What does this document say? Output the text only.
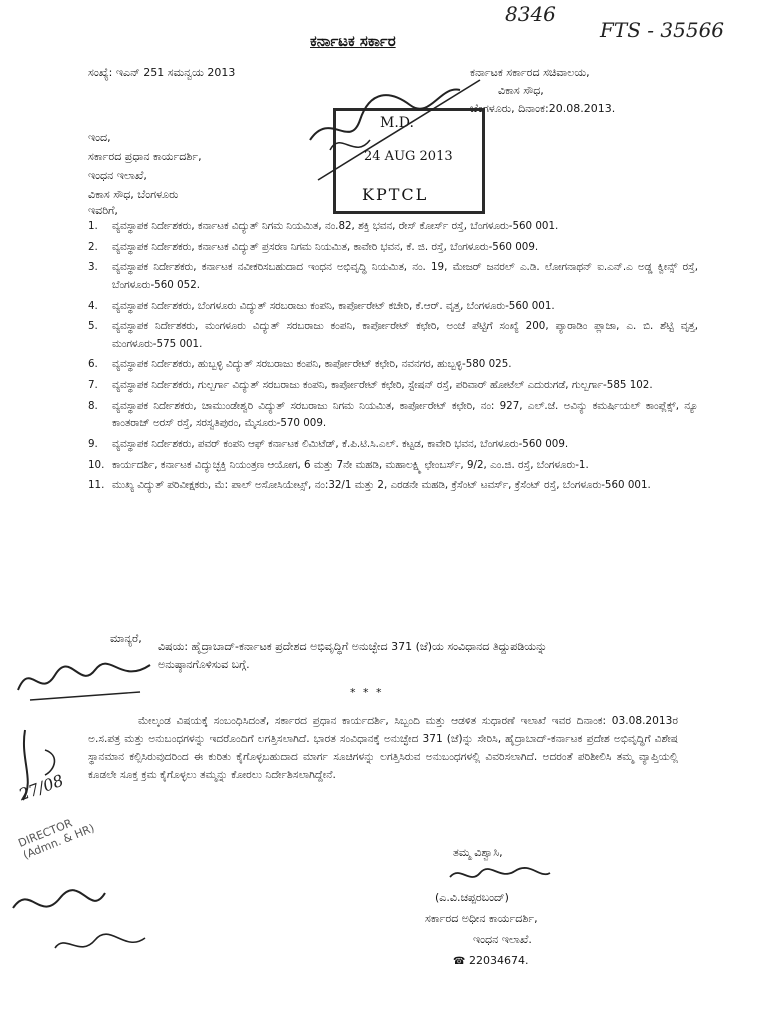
8346
FTS - 35566
ಕರ್ನಾಟಕ ಸರ್ಕಾರ
ಸಂಖ್ಯೆ: ಇಎನ್ 251 ಸಮನ್ವಯ 2013	ಕರ್ನಾಟಕ ಸರ್ಕಾರದ ಸಚಿವಾಲಯ,
ವಿಕಾಸ ಸೌಧ,
ಬೆಂಗಳೂರು, ದಿನಾಂಕ:20.08.2013.
M.D.
24 AUG 2013
KPTCL
ಇಂದ,
ಸರ್ಕಾರದ ಪ್ರಧಾನ ಕಾರ್ಯದರ್ಶಿ,
ಇಂಧನ ಇಲಾಖೆ,
ವಿಕಾಸ ಸೌಧ, ಬೆಂಗಳೂರು
ಇವರಿಗೆ,
1.	ವ್ಯವಸ್ಥಾಪಕ ನಿರ್ದೇಶಕರು, ಕರ್ನಾಟಕ ವಿದ್ಯುತ್ ನಿಗಮ ನಿಯಮಿತ, ನಂ.82, ಶಕ್ತಿ ಭವನ, ರೇಸ್ ಕೋರ್ಸ್ ರಸ್ತೆ, ಬೆಂಗಳೂರು-560 001.
2.	ವ್ಯವಸ್ಥಾಪಕ ನಿರ್ದೇಶಕರು, ಕರ್ನಾಟಕ ವಿದ್ಯುತ್ ಪ್ರಸರಣ ನಿಗಮ ನಿಯಮಿತ, ಕಾವೇರಿ ಭವನ, ಕೆ. ಜಿ. ರಸ್ತೆ, ಬೆಂಗಳೂರು-560 009.
3.	ವ್ಯವಸ್ಥಾಪಕ ನಿರ್ದೇಶಕರು, ಕರ್ನಾಟಕ ನವೀಕರಿಸಬಹುದಾದ ಇಂಧನ ಅಭಿವೃದ್ಧಿ ನಿಯಮಿತ, ನಂ. 19, ಮೇಜರ್ ಜನರಲ್ ಎ.ಡಿ. ಲೋಗನಾಥನ್ ಐ.ಎನ್.ಎ ಅಡ್ಡ ಕ್ವೀನ್ಸ್ ರಸ್ತೆ, ಬೆಂಗಳೂರು-560 052.
4.	ವ್ಯವಸ್ಥಾಪಕ ನಿರ್ದೇಶಕರು, ಬೆಂಗಳೂರು ವಿದ್ಯುತ್ ಸರಬರಾಜು ಕಂಪನಿ, ಕಾರ್ಪೋರೇಟ್ ಕಚೇರಿ, ಕೆ.ಆರ್. ವೃತ್ತ, ಬೆಂಗಳೂರು-560 001.
5.	ವ್ಯವಸ್ಥಾಪಕ ನಿರ್ದೇಶಕರು, ಮಂಗಳೂರು ವಿದ್ಯುತ್ ಸರಬರಾಜು ಕಂಪನಿ, ಕಾರ್ಪೋರೇಟ್ ಕಛೇರಿ, ಅಂಚೆ ಪೆಟ್ಟಿಗೆ ಸಂಖ್ಯೆ 200, ಪ್ಯಾರಾಡಿಂ ಪ್ಲಾಜಾ, ಎ. ಬಿ. ಶೆಟ್ಟಿ ವೃತ್ತ, ಮಂಗಳೂರು-575 001.
6.	ವ್ಯವಸ್ಥಾಪಕ ನಿರ್ದೇಶಕರು, ಹುಬ್ಬಳ್ಳಿ ವಿದ್ಯುತ್ ಸರಬರಾಜು ಕಂಪನಿ, ಕಾರ್ಪೋರೇಟ್ ಕಛೇರಿ, ನವನಗರ, ಹುಬ್ಬಳ್ಳಿ-580 025.
7.	ವ್ಯವಸ್ಥಾಪಕ ನಿರ್ದೇಶಕರು, ಗುಲ್ಬರ್ಗಾ ವಿದ್ಯುತ್ ಸರಬರಾಜು ಕಂಪನಿ, ಕಾರ್ಪೋರೇಟ್ ಕಛೇರಿ, ಸ್ಟೇಷನ್ ರಸ್ತೆ, ಪರಿವಾರ್ ಹೋಟೆಲ್ ಎದುರುಗಡೆ, ಗುಲ್ಬರ್ಗಾ-585 102.
8.	ವ್ಯವಸ್ಥಾಪಕ ನಿರ್ದೇಶಕರು, ಚಾಮುಂಡೇಶ್ವರಿ ವಿದ್ಯುತ್ ಸರಬರಾಜು ನಿಗಮ ನಿಯಮಿತ, ಕಾರ್ಪೋರೇಟ್ ಕಛೇರಿ, ನಂ: 927, ಎಲ್.ಜೆ. ಅವಿನ್ಯು ಕಮರ್ಷಿಯಲ್ ಕಾಂಪ್ಲೆಕ್ಸ್, ನ್ಯೂ ಕಾಂತರಾಜ್ ಅರಸ್ ರಸ್ತೆ, ಸರಸ್ವತಿಪುರಂ, ಮೈಸೂರು-570 009.
9.	ವ್ಯವಸ್ಥಾಪಕ ನಿರ್ದೇಶಕರು, ಪವರ್ ಕಂಪನಿ ಆಫ್ ಕರ್ನಾಟಕ ಲಿಮಿಟೆಡ್, ಕೆ.ಪಿ.ಟಿ.ಸಿ.ಎಲ್. ಕಟ್ಟಡ, ಕಾವೇರಿ ಭವನ, ಬೆಂಗಳೂರು-560 009.
10. ಕಾರ್ಯದರ್ಶಿ, ಕರ್ನಾಟಕ ವಿದ್ಯುಚ್ಛಕ್ತಿ ನಿಯಂತ್ರಣ ಆಯೋಗ, 6 ಮತ್ತು 7ನೇ ಮಹಡಿ, ಮಹಾಲಕ್ಷ್ಮಿ ಛೇಂಬರ್ಸ್, 9/2, ಎಂ.ಜಿ. ರಸ್ತೆ, ಬೆಂಗಳೂರು-1.
11. ಮುಖ್ಯ ವಿದ್ಯುತ್ ಪರಿವೀಕ್ಷಕರು, ಮೆ: ಪಾಲ್ ಅಸೋಸಿಯೇಟ್ಸ್, ನಂ:32/1 ಮತ್ತು 2, ಎರಡನೇ ಮಹಡಿ, ಕ್ರೆಸೆಂಟ್ ಟವರ್ಸ್, ಕ್ರೆಸೆಂಟ್ ರಸ್ತೆ, ಬೆಂಗಳೂರು-560 001.
ಮಾನ್ಯರೆ,
ವಿಷಯ: ಹೈದ್ರಾಬಾದ್-ಕರ್ನಾಟಕ ಪ್ರದೇಶದ ಅಭಿವೃದ್ಧಿಗೆ ಅನುಚ್ಛೇದ 371 (ಜೆ)ಯ ಸಂವಿಧಾನದ ತಿದ್ದುಪಡಿಯನ್ನು ಅನುಷ್ಠಾನಗೊಳಿಸುವ ಬಗ್ಗೆ.
* * *
27/08
DIRECTOR (Admn. & HR)

ಮೇಲ್ಕಂಡ ವಿಷಯಕ್ಕೆ ಸಂಬಂಧಿಸಿದಂತೆ, ಸರ್ಕಾರದ ಪ್ರಧಾನ ಕಾರ್ಯದರ್ಶಿ, ಸಿಬ್ಬಂದಿ ಮತ್ತು ಆಡಳಿತ ಸುಧಾರಣೆ ಇಲಾಖೆ ಇವರ ದಿನಾಂಕ: 03.08.2013ರ ಅ.ಸ.ಪತ್ರ ಮತ್ತು ಅನುಬಂಧಗಳನ್ನು ಇದರೊಂದಿಗೆ ಲಗತ್ತಿಸಲಾಗಿದೆ. ಭಾರತ ಸಂವಿಧಾನಕ್ಕೆ ಅನುಚ್ಛೇದ 371 (ಜೆ)ನ್ನು ಸೇರಿಸಿ, ಹೈದ್ರಾಬಾದ್-ಕರ್ನಾಟಕ ಪ್ರದೇಶ ಅಭಿವೃದ್ಧಿಗೆ ವಿಶೇಷ ಸ್ಥಾನಮಾನ ಕಲ್ಪಿಸಿರುವುದರಿಂದ ಈ ಕುರಿತು ಕೈಗೊಳ್ಳಬಹುದಾದ ಮಾರ್ಗ ಸೂಚಿಗಳನ್ನು ಲಗತ್ತಿಸಿರುವ ಅನುಬಂಧಗಳಲ್ಲಿ ವಿವರಿಸಲಾಗಿದೆ. ಅದರಂತೆ ಪರಿಶೀಲಿಸಿ ತಮ್ಮ ವ್ಯಾಪ್ತಿಯಲ್ಲಿ ಕೂಡಲೇ ಸೂಕ್ತ ಕ್ರಮ ಕೈಗೊಳ್ಳಲು ತಮ್ಮನ್ನು ಕೋರಲು ನಿರ್ದೇಶಿಸಲಾಗಿದ್ದೇನೆ.

ತಮ್ಮ ವಿಶ್ವಾಸಿ,
(ಎ.ವಿ.ಚಪ್ಪರಬಂದ್)
ಸರ್ಕಾರದ ಅಧೀನ ಕಾರ್ಯದರ್ಶಿ,
ಇಂಧನ ಇಲಾಖೆ.
☎ 22034674.
